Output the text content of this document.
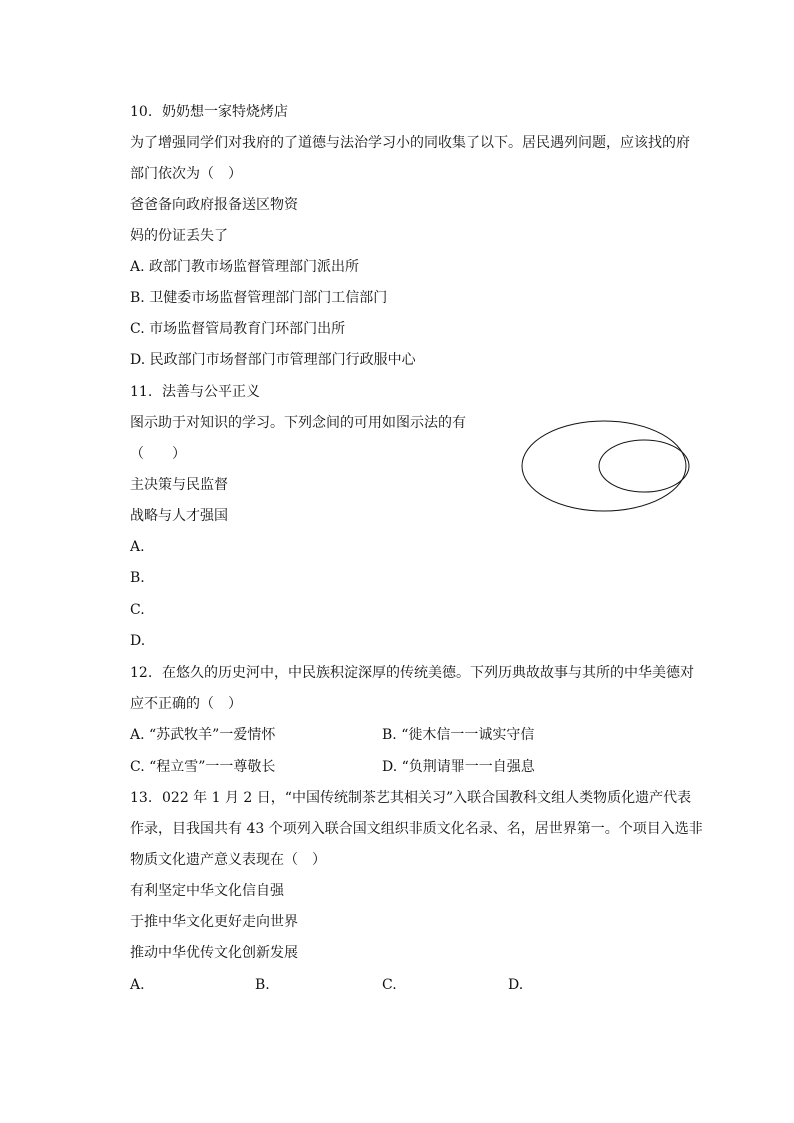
10. 奶奶想一家特烧烤店
为了增强同学们对我府的了道德与法治学习小的同收集了以下。居民遇列问题，应该找的府
部门依次为（　）
爸爸备向政府报备送区物资
妈的份证丢失了
A. 政部门教市场监督管理部门派出所
B. 卫健委市场监督管理部门部门工信部门
C. 市场监督管局教育门环部门出所
D. 民政部门市场督部门市管理部门行政服中心
11. 法善与公平正义
图示助于对知识的学习。下列念间的可用如图示法的有
（　　）
主决策与民监督
战略与人才强国
A.
B.
C.
D.
12. 在悠久的历史河中，中民族积淀深厚的传统美德。下列历典故故事与其所的中华美德对
应不正确的（　）
A. “苏武牧羊”一爱情怀	B. “徙木信一一诚实守信
C. “程立雪”一一尊敬长	D. “负荆请罪一一自强息
13. 022 年 1 月 2 日，“中国传统制茶艺其相关习”入联合国教科文组人类物质化遗产代表
作录，目我国共有 43 个项列入联合国文组织非质文化名录、名，居世界第一。个项目入选非
物质文化遗产意义表现在（　）
有利坚定中华文化信自强
于推中华文化更好走向世界
推动中华优传文化创新发展
A.	B.	C.	D.
